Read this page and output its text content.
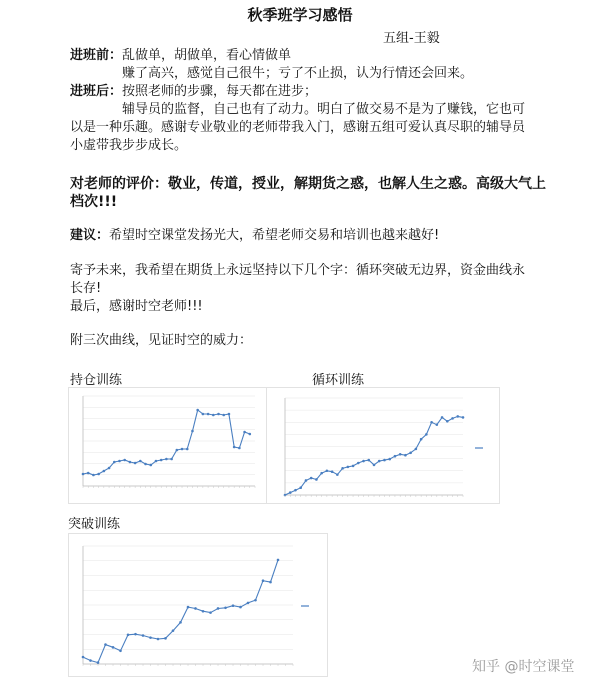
秋季班学习感悟
五组-王毅
进班前：乱做单，胡做单，看心情做单
赚了高兴，感觉自己很牛；亏了不止损，认为行情还会回来。
进班后：按照老师的步骤，每天都在进步；
辅导员的监督，自己也有了动力。明白了做交易不是为了赚钱，它也可
以是一种乐趣。感谢专业敬业的老师带我入门，感谢五组可爱认真尽职的辅导员
小虚带我步步成长。
对老师的评价：敬业，传道，授业，解期货之惑，也解人生之惑。高级大气上
档次!!!
建议：希望时空课堂发扬光大，希望老师交易和培训也越来越好!
寄予未来，我希望在期货上永远坚持以下几个字：循环突破无边界，资金曲线永
长存!
最后，感谢时空老师!!!
附三次曲线，见证时空的威力：
持仓训练	循环训练
突破训练
知乎 @时空课堂
